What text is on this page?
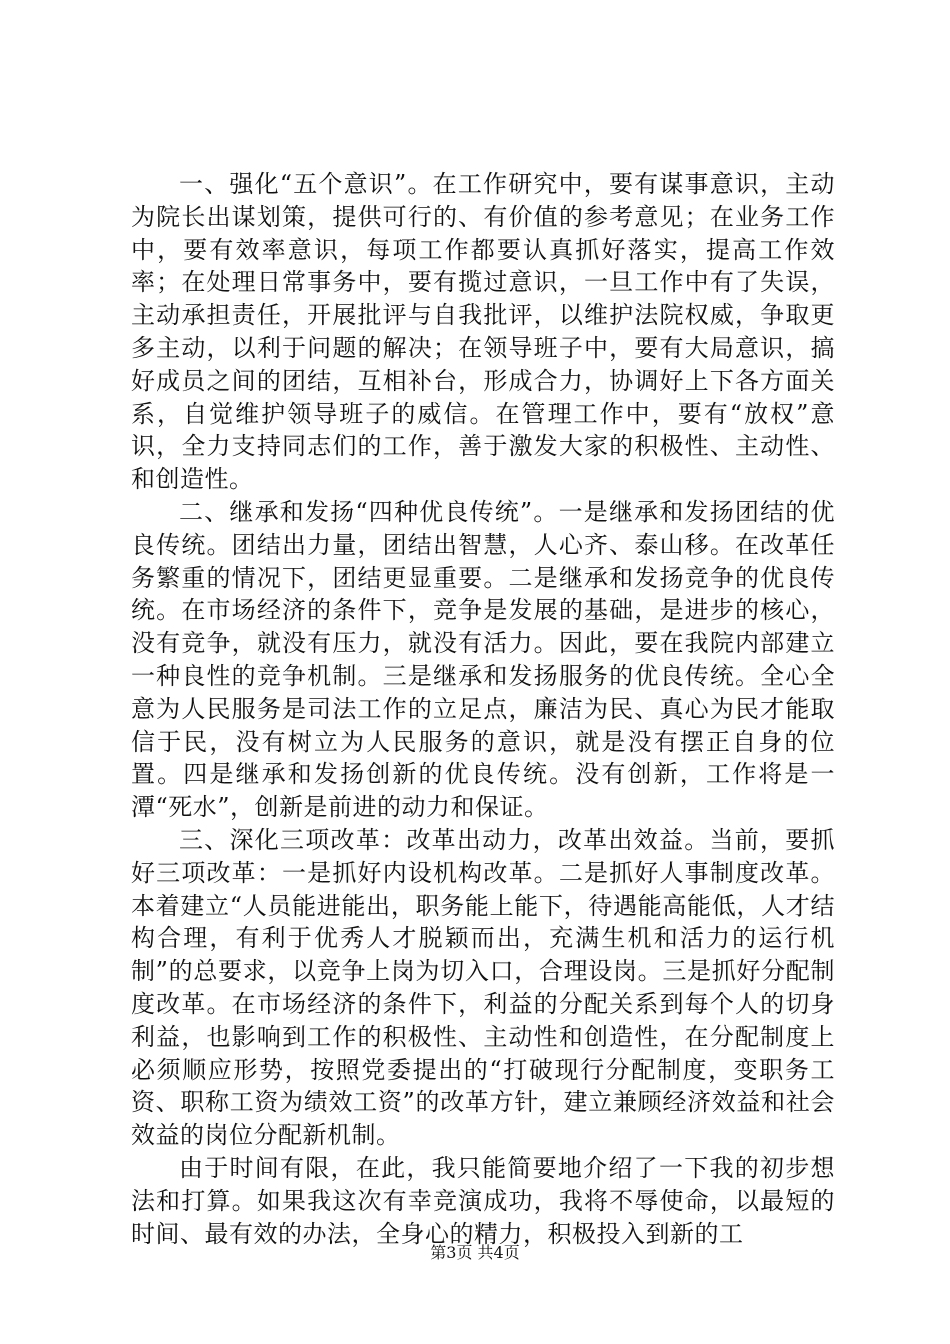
一、强化“五个意识”。在工作研究中，要有谋事意识，主动为院长出谋划策，提供可行的、有价值的参考意见；在业务工作中，要有效率意识，每项工作都要认真抓好落实，提高工作效率；在处理日常事务中，要有揽过意识，一旦工作中有了失误，主动承担责任，开展批评与自我批评，以维护法院权威，争取更多主动，以利于问题的解决；在领导班子中，要有大局意识，搞好成员之间的团结，互相补台，形成合力，协调好上下各方面关系，自觉维护领导班子的威信。在管理工作中，要有“放权”意识，全力支持同志们的工作，善于激发大家的积极性、主动性、和创造性。

二、继承和发扬“四种优良传统”。一是继承和发扬团结的优良传统。团结出力量，团结出智慧，人心齐、泰山移。在改革任务繁重的情况下，团结更显重要。二是继承和发扬竞争的优良传统。在市场经济的条件下，竞争是发展的基础，是进步的核心，没有竞争，就没有压力，就没有活力。因此，要在我院内部建立一种良性的竞争机制。三是继承和发扬服务的优良传统。全心全意为人民服务是司法工作的立足点，廉洁为民、真心为民才能取信于民，没有树立为人民服务的意识，就是没有摆正自身的位置。四是继承和发扬创新的优良传统。没有创新，工作将是一潭“死水”，创新是前进的动力和保证。

三、深化三项改革：改革出动力，改革出效益。当前，要抓好三项改革：一是抓好内设机构改革。二是抓好人事制度改革。本着建立“人员能进能出，职务能上能下，待遇能高能低，人才结构合理，有利于优秀人才脱颖而出，充满生机和活力的运行机制”的总要求，以竞争上岗为切入口，合理设岗。三是抓好分配制度改革。在市场经济的条件下，利益的分配关系到每个人的切身利益，也影响到工作的积极性、主动性和创造性，在分配制度上必须顺应形势，按照党委提出的“打破现行分配制度，变职务工资、职称工资为绩效工资”的改革方针，建立兼顾经济效益和社会效益的岗位分配新机制。

由于时间有限，在此，我只能简要地介绍了一下我的初步想法和打算。如果我这次有幸竞演成功，我将不辱使命，以最短的时间、最有效的办法，全身心的精力，积极投入到新的工

第3页 共4页
